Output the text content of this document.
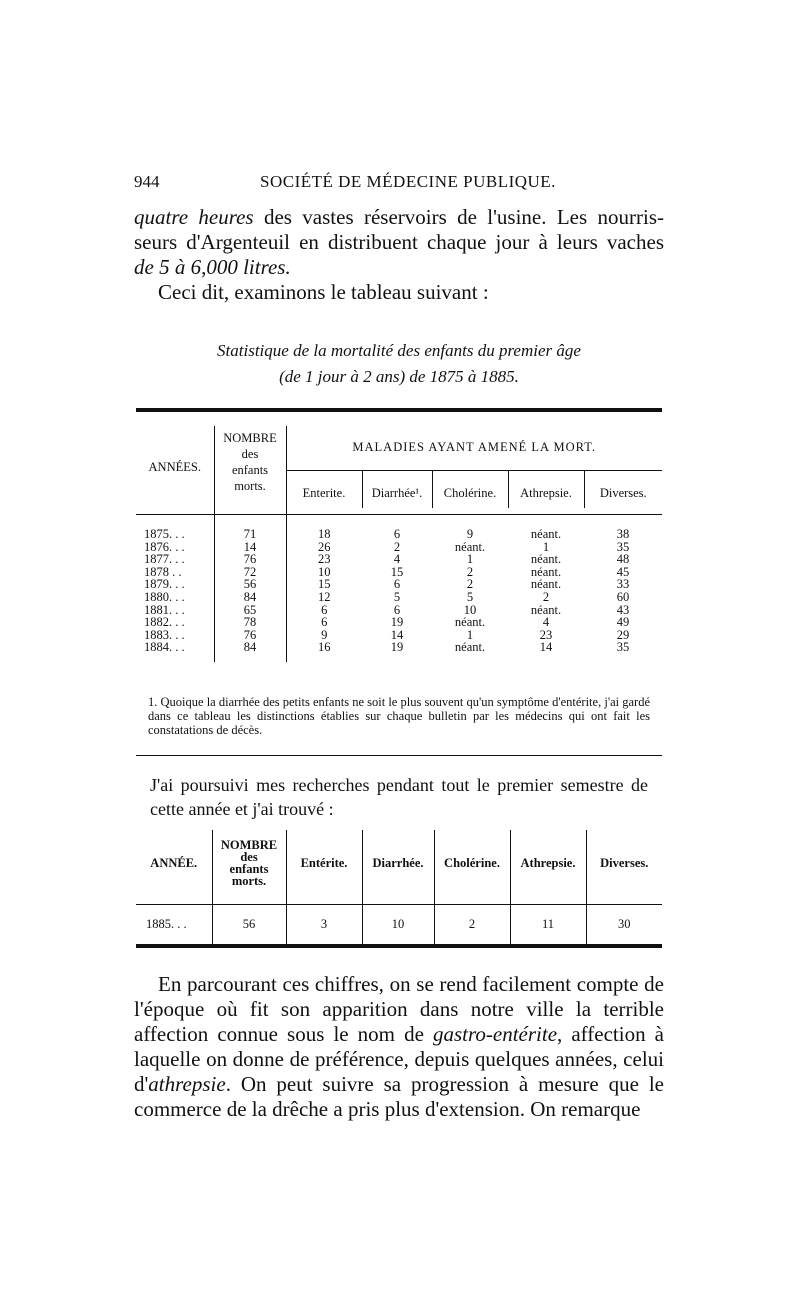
944	SOCIÉTÉ DE MÉDECINE PUBLIQUE.
quatre heures des vastes réservoirs de l'usine. Les nourris-
seurs d'Argenteuil en distribuent chaque jour à leurs vaches
de 5 à 6,000 litres.
Ceci dit, examinons le tableau suivant :
Statistique de la mortalité des enfants du premier âge
(de 1 jour à 2 ans) de 1875 à 1885.
ANNÉES.	NOMBRE
des
enfants
morts.	MALADIES AYANT AMENÉ LA MORT.				
		Enterite.	Diarrhée¹.	Cholérine.	Athrepsie.	Diverses.

1875. . .	71	18	6	9	néant.	38
1876. . .	14	26	2	néant.	1	35
1877. . .	76	23	4	1	néant.	48
1878 . .	72	10	15	2	néant.	45
1879. . .	56	15	6	2	néant.	33
1880. . .	84	12	5	5	2	60
1881. . .	65	6	6	10	néant.	43
1882. . .	78	6	19	néant.	4	49
1883. . .	76	9	14	1	23	29
1884. . .	84	16	19	néant.	14	35

1. Quoique la diarrhée des petits enfants ne soit le plus souvent qu'un symptôme d'entérite, j'ai gardé dans ce tableau les distinctions établies sur chaque bulletin par les médecins qui ont fait les constatations de décès.
J'ai poursuivi mes recherches pendant tout le premier semestre de cette année et j'ai trouvé :
ANNÉE.	NOMBRE
des
enfants
morts.	Entérite.	Diarrhée.	Cholérine.	Athrepsie.	Diverses.

1885. . .	56	3	10	2	11	30
En parcourant ces chiffres, on se rend facilement compte de l'époque où fit son apparition dans notre ville la terrible affection connue sous le nom de gastro-entérite, affection à laquelle on donne de préférence, depuis quelques années, celui d'athrepsie. On peut suivre sa progression à mesure que le commerce de la drêche a pris plus d'extension. On remarque
